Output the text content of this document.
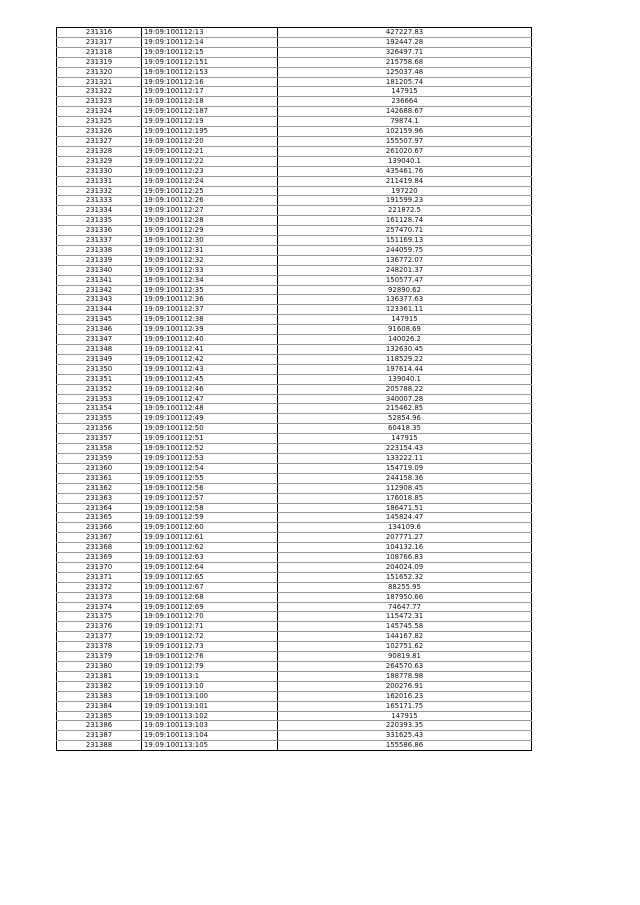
231316	19:09:100112:13	427227.83
231317	19:09:100112:14	192447.28
231318	19:09:100112:15	326497.71
231319	19:09:100112:151	215758.68
231320	19:09:100112:153	125037.48
231321	19:09:100112:16	181205.74
231322	19:09:100112:17	147915
231323	19:09:100112:18	236664
231324	19:09:100112:187	142688.67
231325	19:09:100112:19	79874.1
231326	19:09:100112:195	102159.96
231327	19:09:100112:20	155507.97
231328	19:09:100112:21	261020.67
231329	19:09:100112:22	139040.1
231330	19:09:100112:23	435461.76
231331	19:09:100112:24	211419.84
231332	19:09:100112:25	197220
231333	19:09:100112:26	191599.23
231334	19:09:100112:27	221872.5
231335	19:09:100112:28	161128.74
231336	19:09:100112:29	257470.71
231337	19:09:100112:30	151169.13
231338	19:09:100112:31	244059.75
231339	19:09:100112:32	136772.07
231340	19:09:100112:33	248201.37
231341	19:09:100112:34	150577.47
231342	19:09:100112:35	92890.62
231343	19:09:100112:36	136377.63
231344	19:09:100112:37	123361.11
231345	19:09:100112:38	147915
231346	19:09:100112:39	91608.69
231347	19:09:100112:40	140026.2
231348	19:09:100112:41	132630.45
231349	19:09:100112:42	118529.22
231350	19:09:100112:43	197614.44
231351	19:09:100112:45	139040.1
231352	19:09:100112:46	205788.22
231353	19:09:100112:47	340007.28
231354	19:09:100112:48	215462.85
231355	19:09:100112:49	52854.96
231356	19:09:100112:50	60418.35
231357	19:09:100112:51	147915
231358	19:09:100112:52	223154.43
231359	19:09:100112:53	133222.11
231360	19:09:100112:54	154719.09
231361	19:09:100112:55	244158.36
231362	19:09:100112:56	112908.45
231363	19:09:100112:57	176018.85
231364	19:09:100112:58	186471.51
231365	19:09:100112:59	145824.47
231366	19:09:100112:60	134109.6
231367	19:09:100112:61	207771.27
231368	19:09:100112:62	104132.16
231369	19:09:100112:63	108766.83
231370	19:09:100112:64	204024.09
231371	19:09:100112:65	151652.32
231372	19:09:100112:67	88255.95
231373	19:09:100112:68	187950.66
231374	19:09:100112:69	74647.77
231375	19:09:100112:70	115472.31
231376	19:09:100112:71	145745.58
231377	19:09:100112:72	144167.82
231378	19:09:100112:73	102751.62
231379	19:09:100112:76	90819.81
231380	19:09:100112:79	264570.63
231381	19:09:100113:1	188778.98
231382	19:09:100113:10	200276.91
231383	19:09:100113:100	162016.23
231384	19:09:100113:101	165171.75
231385	19:09:100113:102	147915
231386	19:09:100113:103	220393.35
231387	19:09:100113:104	331625.43
231388	19:09:100113:105	155586.86
